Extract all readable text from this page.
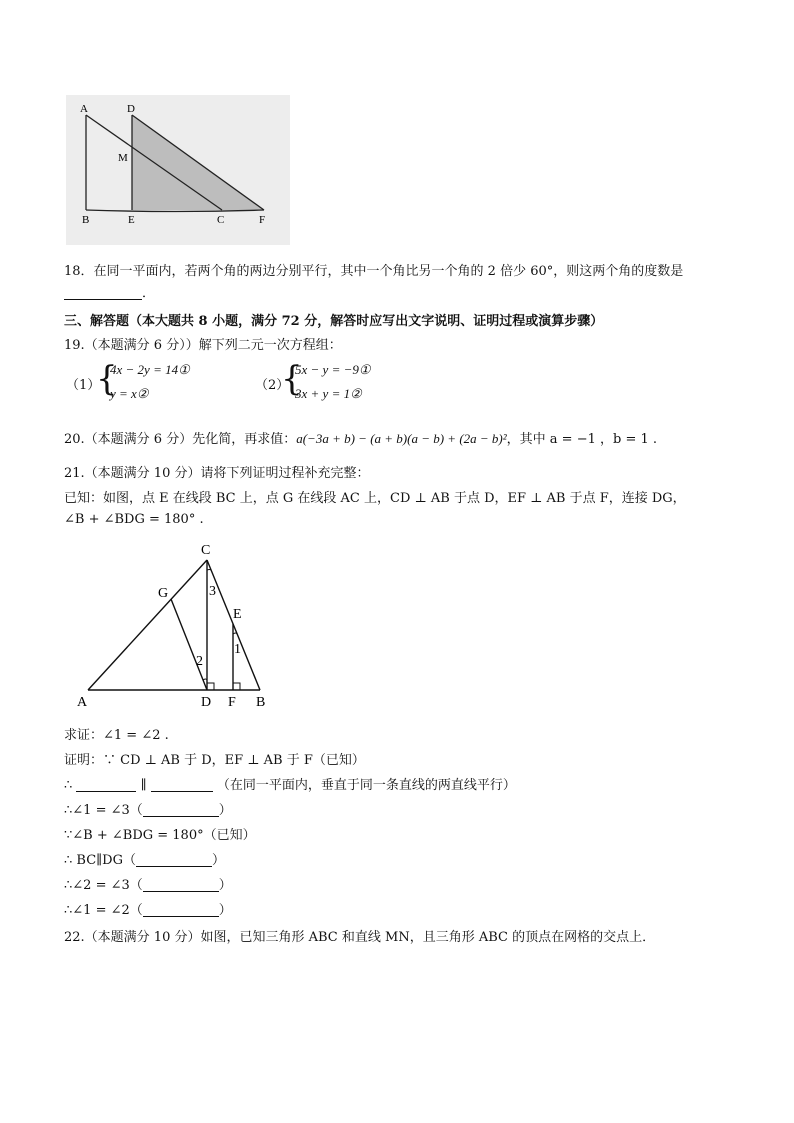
A	D
M
B	E	C	F
18．在同一平面内，若两个角的两边分别平行，其中一个角比另一个角的 2 倍少 60°，则这两个角的度数是
．
三、解答题（本大题共 8 小题，满分 72 分，解答时应写出文字说明、证明过程或演算步骤）
19.（本题满分 6 分））解下列二元一次方程组：
（1）
{
4x − 2y = 14①
y = x②
（2）
{
5x − y = −9①
3x + y = 1②
20.（本题满分 6 分）先化简，再求值：a(−3a + b) − (a + b)(a − b) + (2a − b)²，其中 a = −1 ，b = 1 .
21.（本题满分 10 分）请将下列证明过程补充完整：
已知：如图，点 E 在线段 BC 上，点 G 在线段 AC 上，CD ⊥ AB 于点 D，EF ⊥ AB 于点 F，连接 DG，
∠B + ∠BDG = 180° .
C
G
E
A	D F B
3
1
2
求证：∠1 = ∠2 .
证明：∵ CD ⊥ AB 于 D，EF ⊥ AB 于 F（已知）
∴	∥	（在同一平面内，垂直于同一条直线的两直线平行）
∴∠1 = ∠3（	）
∵∠B + ∠BDG = 180°（已知）
∴ BC∥DG（	）
∴∠2 = ∠3（	）
∴∠1 = ∠2（	）
22.（本题满分 10 分）如图，已知三角形 ABC 和直线 MN，且三角形 ABC 的顶点在网格的交点上．
